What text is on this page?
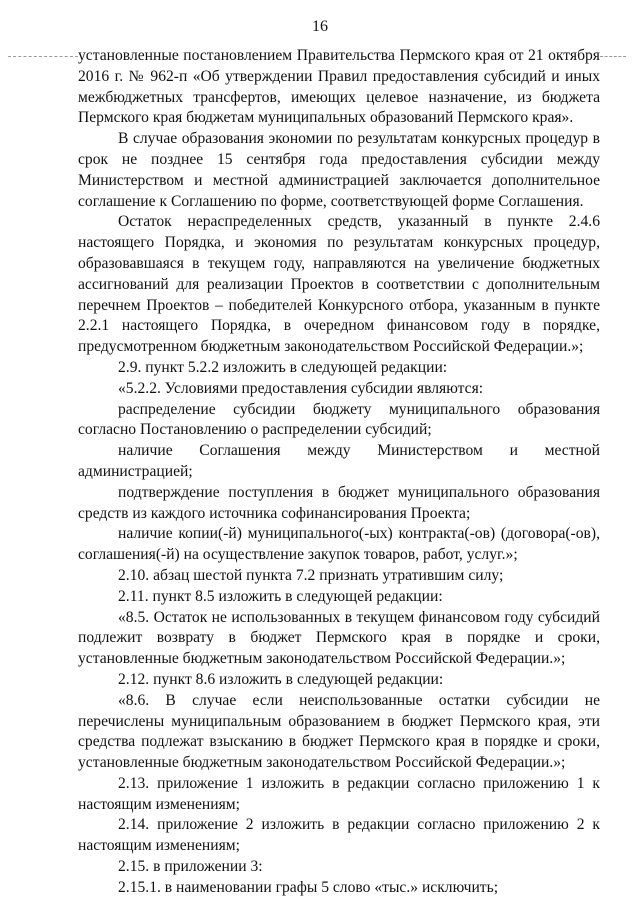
16

установленные постановлением Правительства Пермского края от 21 октября 2016 г. № 962-п «Об утверждении Правил предоставления субсидий и иных межбюджетных трансфертов, имеющих целевое назначение, из бюджета Пермского края бюджетам муниципальных образований Пермского края».

В случае образования экономии по результатам конкурсных процедур в срок не позднее 15 сентября года предоставления субсидии между Министерством и местной администрацией заключается дополнительное соглашение к Соглашению по форме, соответствующей форме Соглашения.

Остаток нераспределенных средств, указанный в пункте 2.4.6 настоящего Порядка, и экономия по результатам конкурсных процедур, образовавшаяся в текущем году, направляются на увеличение бюджетных ассигнований для реализации Проектов в соответствии с дополнительным перечнем Проектов – победителей Конкурсного отбора, указанным в пункте 2.2.1 настоящего Порядка, в очередном финансовом году в порядке, предусмотренном бюджетным законодательством Российской Федерации.»;

2.9. пункт 5.2.2 изложить в следующей редакции:

«5.2.2. Условиями предоставления субсидии являются:

распределение субсидии бюджету муниципального образования согласно Постановлению о распределении субсидий;

наличие Соглашения между Министерством и местной администрацией;

подтверждение поступления в бюджет муниципального образования средств из каждого источника софинансирования Проекта;

наличие копии(-й) муниципального(-ых) контракта(-ов) (договора(-ов), соглашения(-й) на осуществление закупок товаров, работ, услуг.»;

2.10. абзац шестой пункта 7.2 признать утратившим силу;

2.11. пункт 8.5 изложить в следующей редакции:

«8.5. Остаток не использованных в текущем финансовом году субсидий подлежит возврату в бюджет Пермского края в порядке и сроки, установленные бюджетным законодательством Российской Федерации.»;

2.12. пункт 8.6 изложить в следующей редакции:

«8.6. В случае если неиспользованные остатки субсидии не перечислены муниципальным образованием в бюджет Пермского края, эти средства подлежат взысканию в бюджет Пермского края в порядке и сроки, установленные бюджетным законодательством Российской Федерации.»;

2.13. приложение 1 изложить в редакции согласно приложению 1 к настоящим изменениям;

2.14. приложение 2 изложить в редакции согласно приложению 2 к настоящим изменениям;

2.15. в приложении 3:

2.15.1. в наименовании графы 5 слово «тыс.» исключить;
